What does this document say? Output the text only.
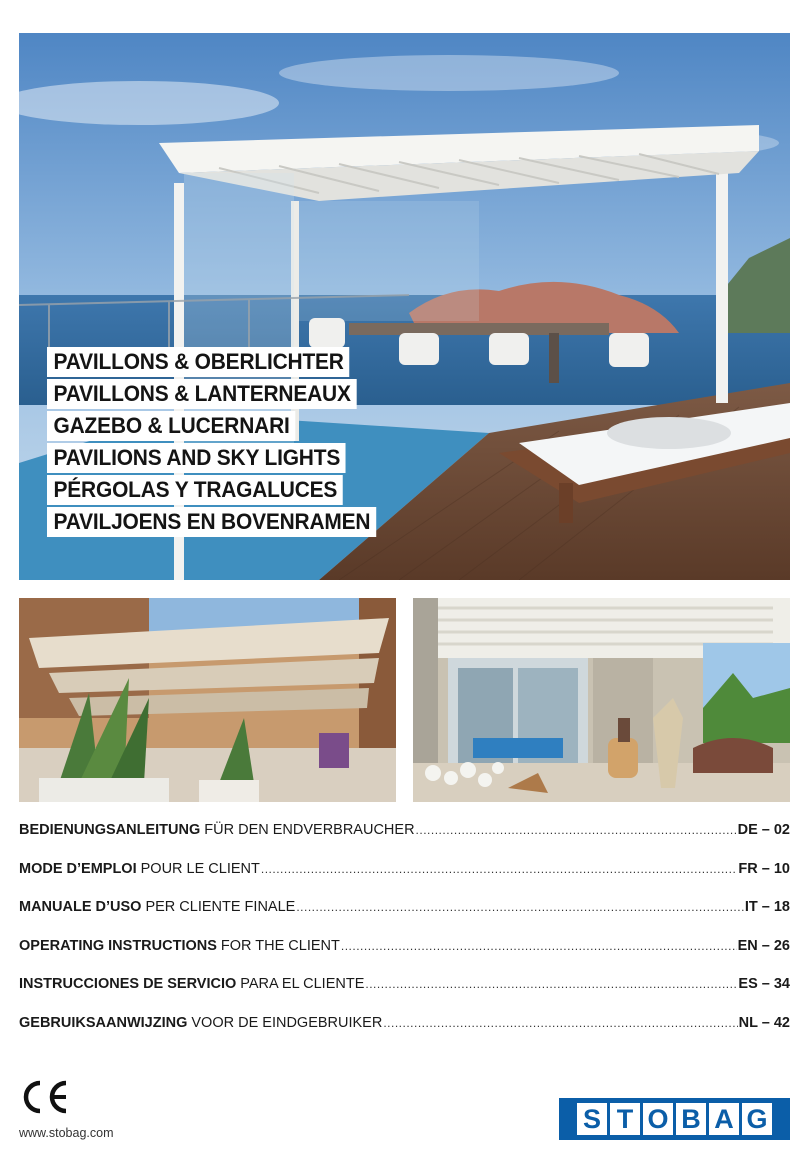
PAVILLONS & OBERLICHTER
PAVILLONS & LANTERNEAUX
GAZEBO & LUCERNARI
PAVILIONS AND SKY LIGHTS
PÉRGOLAS Y TRAGALUCES
PAVILJOENS EN BOVENRAMEN
BEDIENUNGSANLEITUNG FÜR DEN ENDVERBRAUCHER .....	DE – 02
MODE D’EMPLOI POUR LE CLIENT .....	FR – 10
MANUALE D’USO PER CLIENTE FINALE .....	IT – 18
OPERATING INSTRUCTIONS FOR THE CLIENT .....	EN – 26
INSTRUCCIONES DE SERVICIO PARA EL CLIENTE .....	ES – 34
GEBRUIKSAANWIJZING VOOR DE EINDGEBRUIKER .....	NL – 42
www.stobag.com	S T O B A G
